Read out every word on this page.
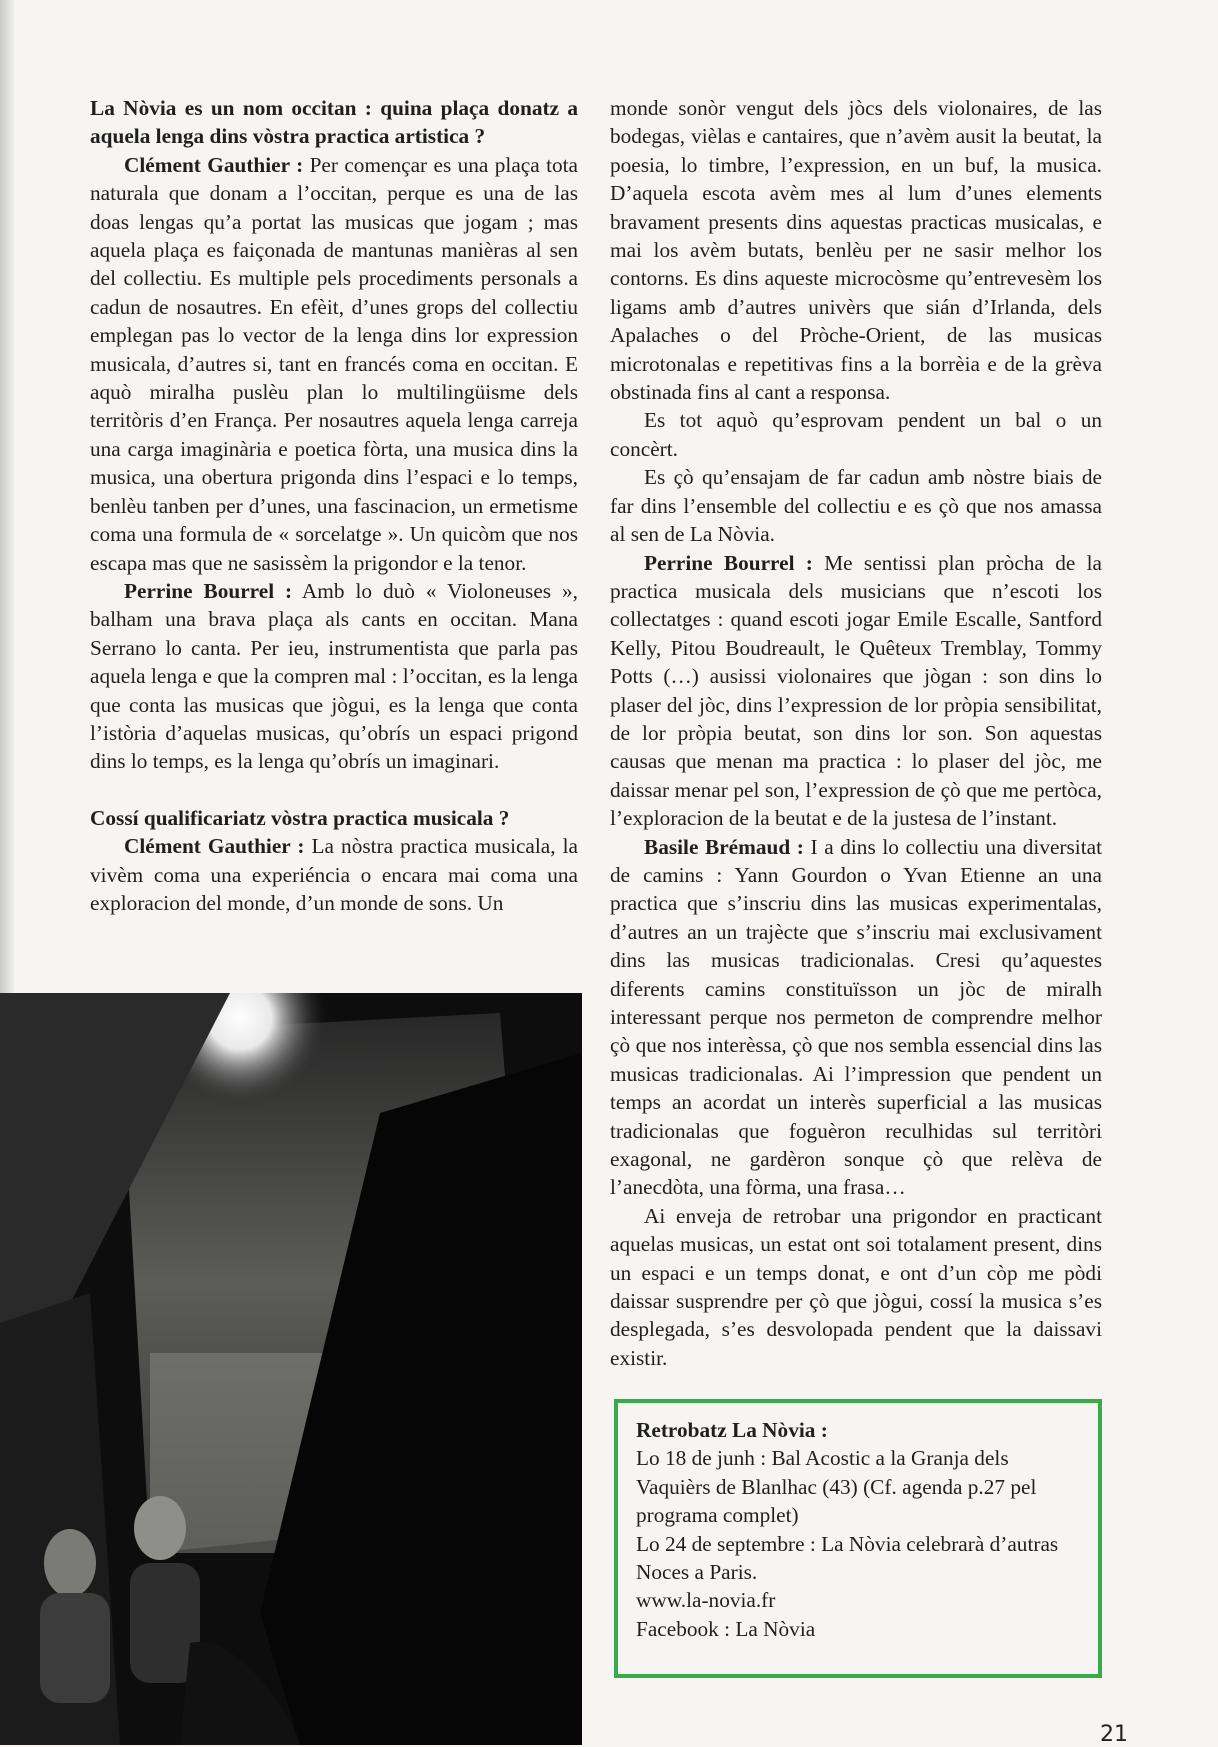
La Nòvia es un nom occitan : quina plaça donatz a aquela lenga dins vòstra practica artistica ?

Clément Gauthier : Per començar es una plaça tota naturala que donam a l’occitan, perque es una de las doas lengas qu’a portat las musicas que jogam ; mas aquela plaça es faiçonada de mantunas manièras al sen del collectiu. Es multiple pels procediments personals a cadun de nosautres. En efèit, d’unes grops del collectiu emplegan pas lo vector de la lenga dins lor expression musicala, d’autres si, tant en francés coma en occitan. E aquò miralha puslèu plan lo multilingüisme dels territòris d’en França. Per nosautres aquela lenga carreja una carga imaginària e poetica fòrta, una musica dins la musica, una obertura prigonda dins l’espaci e lo temps, benlèu tanben per d’unes, una fascinacion, un ermetisme coma una formula de « sorcelatge ». Un quicòm que nos escapa mas que ne sasissèm la prigondor e la tenor.

Perrine Bourrel : Amb lo duò « Violoneuses », balham una brava plaça als cants en occitan. Mana Serrano lo canta. Per ieu, instrumentista que parla pas aquela lenga e que la compren mal : l’occitan, es la lenga que conta las musicas que jògui, es la lenga que conta l’istòria d’aquelas musicas, qu’obrís un espaci prigond dins lo temps, es la lenga qu’obrís un imaginari.

Cossí qualificariatz vòstra practica musicala ?

Clément Gauthier : La nòstra practica musicala, la vivèm coma una experiéncia o encara mai coma una exploracion del monde, d’un monde de sons. Un

monde sonòr vengut dels jòcs dels violonaires, de las bodegas, vièlas e cantaires, que n’avèm ausit la beutat, la poesia, lo timbre, l’expression, en un buf, la musica. D’aquela escota avèm mes al lum d’unes elements bravament presents dins aquestas practicas musicalas, e mai los avèm butats, benlèu per ne sasir melhor los contorns. Es dins aqueste microcòsme qu’entrevesèm los ligams amb d’autres univèrs que sián d’Irlanda, dels Apalaches o del Pròche-Orient, de las musicas microtonalas e repetitivas fins a la borrèia e de la grèva obstinada fins al cant a responsa.

Es tot aquò qu’esprovam pendent un bal o un concèrt.

Es çò qu’ensajam de far cadun amb nòstre biais de far dins l’ensemble del collectiu e es çò que nos amassa al sen de La Nòvia.

Perrine Bourrel : Me sentissi plan pròcha de la practica musicala dels musicians que n’escoti los collectatges : quand escoti jogar Emile Escalle, Santford Kelly, Pitou Boudreault, le Quêteux Tremblay, Tommy Potts (…) ausissi violonaires que jògan : son dins lo plaser del jòc, dins l’expression de lor pròpia sensibilitat, de lor pròpia beutat, son dins lor son. Son aquestas causas que menan ma practica : lo plaser del jòc, me daissar menar pel son, l’expression de çò que me pertòca, l’exploracion de la beutat e de la justesa de l’instant.

Basile Brémaud : I a dins lo collectiu una diversitat de camins : Yann Gourdon o Yvan Etienne an una practica que s’inscriu dins las musicas experimentalas, d’autres an un trajècte que s’inscriu mai exclusivament dins las musicas tradicionalas. Cresi qu’aquestes diferents camins constituïsson un jòc de miralh interessant perque nos permeton de comprendre melhor çò que nos interèssa, çò que nos sembla essencial dins las musicas tradicionalas. Ai l’impression que pendent un temps an acordat un interès superficial a las musicas tradicionalas que foguèron reculhidas sul territòri exagonal, ne gardèron sonque çò que relèva de l’anecdòta, una fòrma, una frasa…

Ai enveja de retrobar una prigondor en practicant aquelas musicas, un estat ont soi totalament present, dins un espaci e un temps donat, e ont d’un còp me pòdi daissar susprendre per çò que jògui, cossí la musica s’es desplegada, s’es desvolopada pendent que la daissavi existir.

Retrobatz La Nòvia :
Lo 18 de junh : Bal Acostic a la Granja dels Vaquièrs de Blanlhac (43) (Cf. agenda p.27 pel programa complet)
Lo 24 de septembre : La Nòvia celebrarà d’autras Noces a Paris.
www.la-novia.fr
Facebook : La Nòvia
21
